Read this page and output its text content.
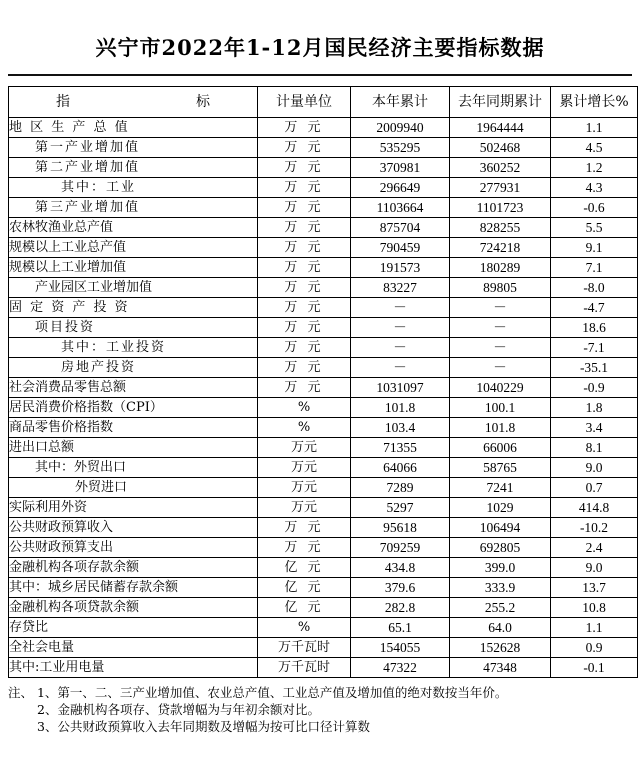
兴宁市2022年1-12月国民经济主要指标数据
指　　　　标	计量单位	本年累计	去年同期累计	累计增长%
地 区 生 产 总 值	万 元	2009940	1964444	1.1
第一产业增加值	万 元	535295	502468	4.5
第二产业增加值	万 元	370981	360252	1.2
其中：工业	万 元	296649	277931	4.3
第三产业增加值	万 元	1103664	1101723	-0.6
农林牧渔业总产值	万 元	875704	828255	5.5
规模以上工业总产值	万 元	790459	724218	9.1
规模以上工业增加值	万 元	191573	180289	7.1
产业园区工业增加值	万 元	83227	89805	-8.0
固 定 资 产 投 资	万 元	－	－	-4.7
项目投资	万 元	－	－	18.6
其中：工业投资	万 元	－	－	-7.1
房地产投资	万 元	－	－	-35.1
社会消费品零售总额	万 元	1031097	1040229	-0.9
居民消费价格指数（CPI）	%	101.8	100.1	1.8
商品零售价格指数	%	103.4	101.8	3.4
进出口总额	万元	71355	66006	8.1
其中：外贸出口	万元	64066	58765	9.0
外贸进口	万元	7289	7241	0.7
实际利用外资	万元	5297	1029	414.8
公共财政预算收入	万 元	95618	106494	-10.2
公共财政预算支出	万 元	709259	692805	2.4
金融机构各项存款余额	亿 元	434.8	399.0	9.0
其中：城乡居民储蓄存款余额	亿 元	379.6	333.9	13.7
金融机构各项贷款余额	亿 元	282.8	255.2	10.8
存贷比	%	65.1	64.0	1.1
全社会电量	万千瓦时	154055	152628	0.9
其中:工业用电量	万千瓦时	47322	47348	-0.1
注、 1、第一、二、三产业增加值、农业总产值、工业总产值及增加值的绝对数按当年价。
2、金融机构各项存、贷款增幅为与年初余额对比。
3、公共财政预算收入去年同期数及增幅为按可比口径计算数
